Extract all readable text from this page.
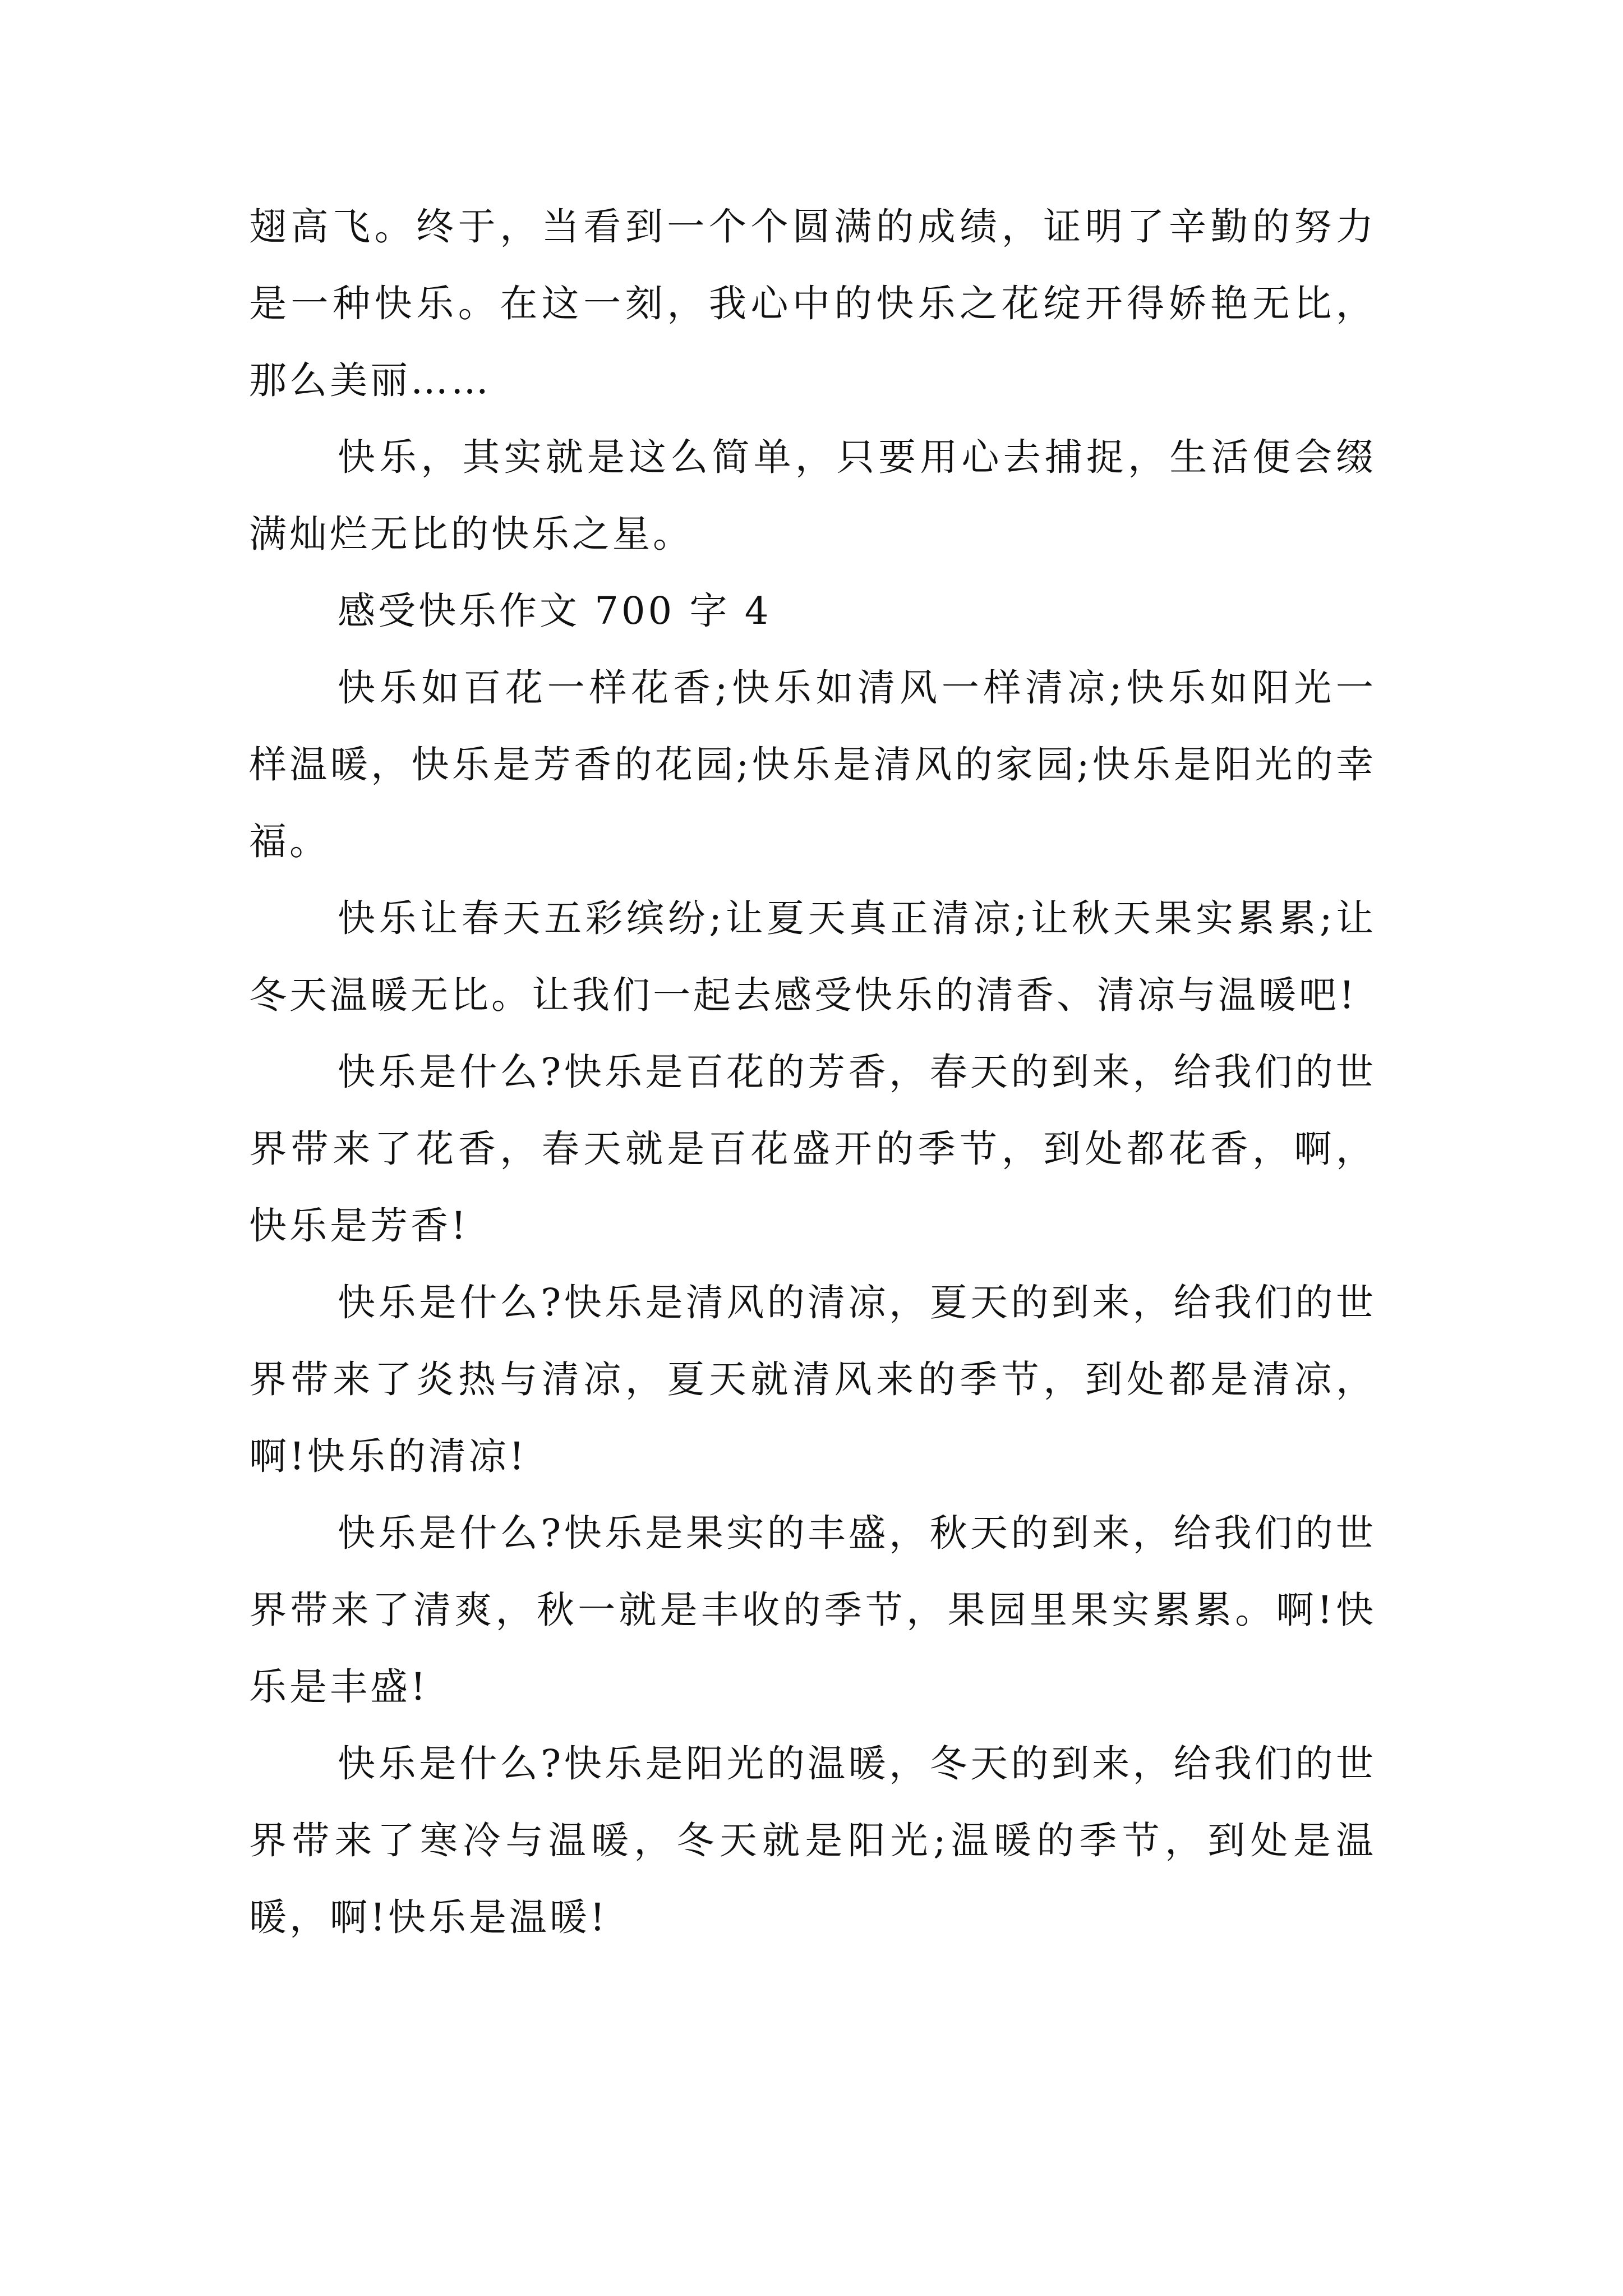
翅高飞。终于，当看到一个个圆满的成绩，证明了辛勤的努力是一种快乐。在这一刻，我心中的快乐之花绽开得娇艳无比，那么美丽……

快乐，其实就是这么简单，只要用心去捕捉，生活便会缀满灿烂无比的快乐之星。

感受快乐作文 700 字 4

快乐如百花一样花香;快乐如清风一样清凉;快乐如阳光一样温暖，快乐是芳香的花园;快乐是清风的家园;快乐是阳光的幸福。

快乐让春天五彩缤纷;让夏天真正清凉;让秋天果实累累;让冬天温暖无比。让我们一起去感受快乐的清香、清凉与温暖吧!

快乐是什么?快乐是百花的芳香，春天的到来，给我们的世界带来了花香，春天就是百花盛开的季节，到处都花香，啊，快乐是芳香!

快乐是什么?快乐是清风的清凉，夏天的到来，给我们的世界带来了炎热与清凉，夏天就清风来的季节，到处都是清凉，啊!快乐的清凉!

快乐是什么?快乐是果实的丰盛，秋天的到来，给我们的世界带来了清爽，秋一就是丰收的季节，果园里果实累累。啊!快乐是丰盛!

快乐是什么?快乐是阳光的温暖，冬天的到来，给我们的世界带来了寒冷与温暖，冬天就是阳光;温暖的季节，到处是温暖，啊!快乐是温暖!
